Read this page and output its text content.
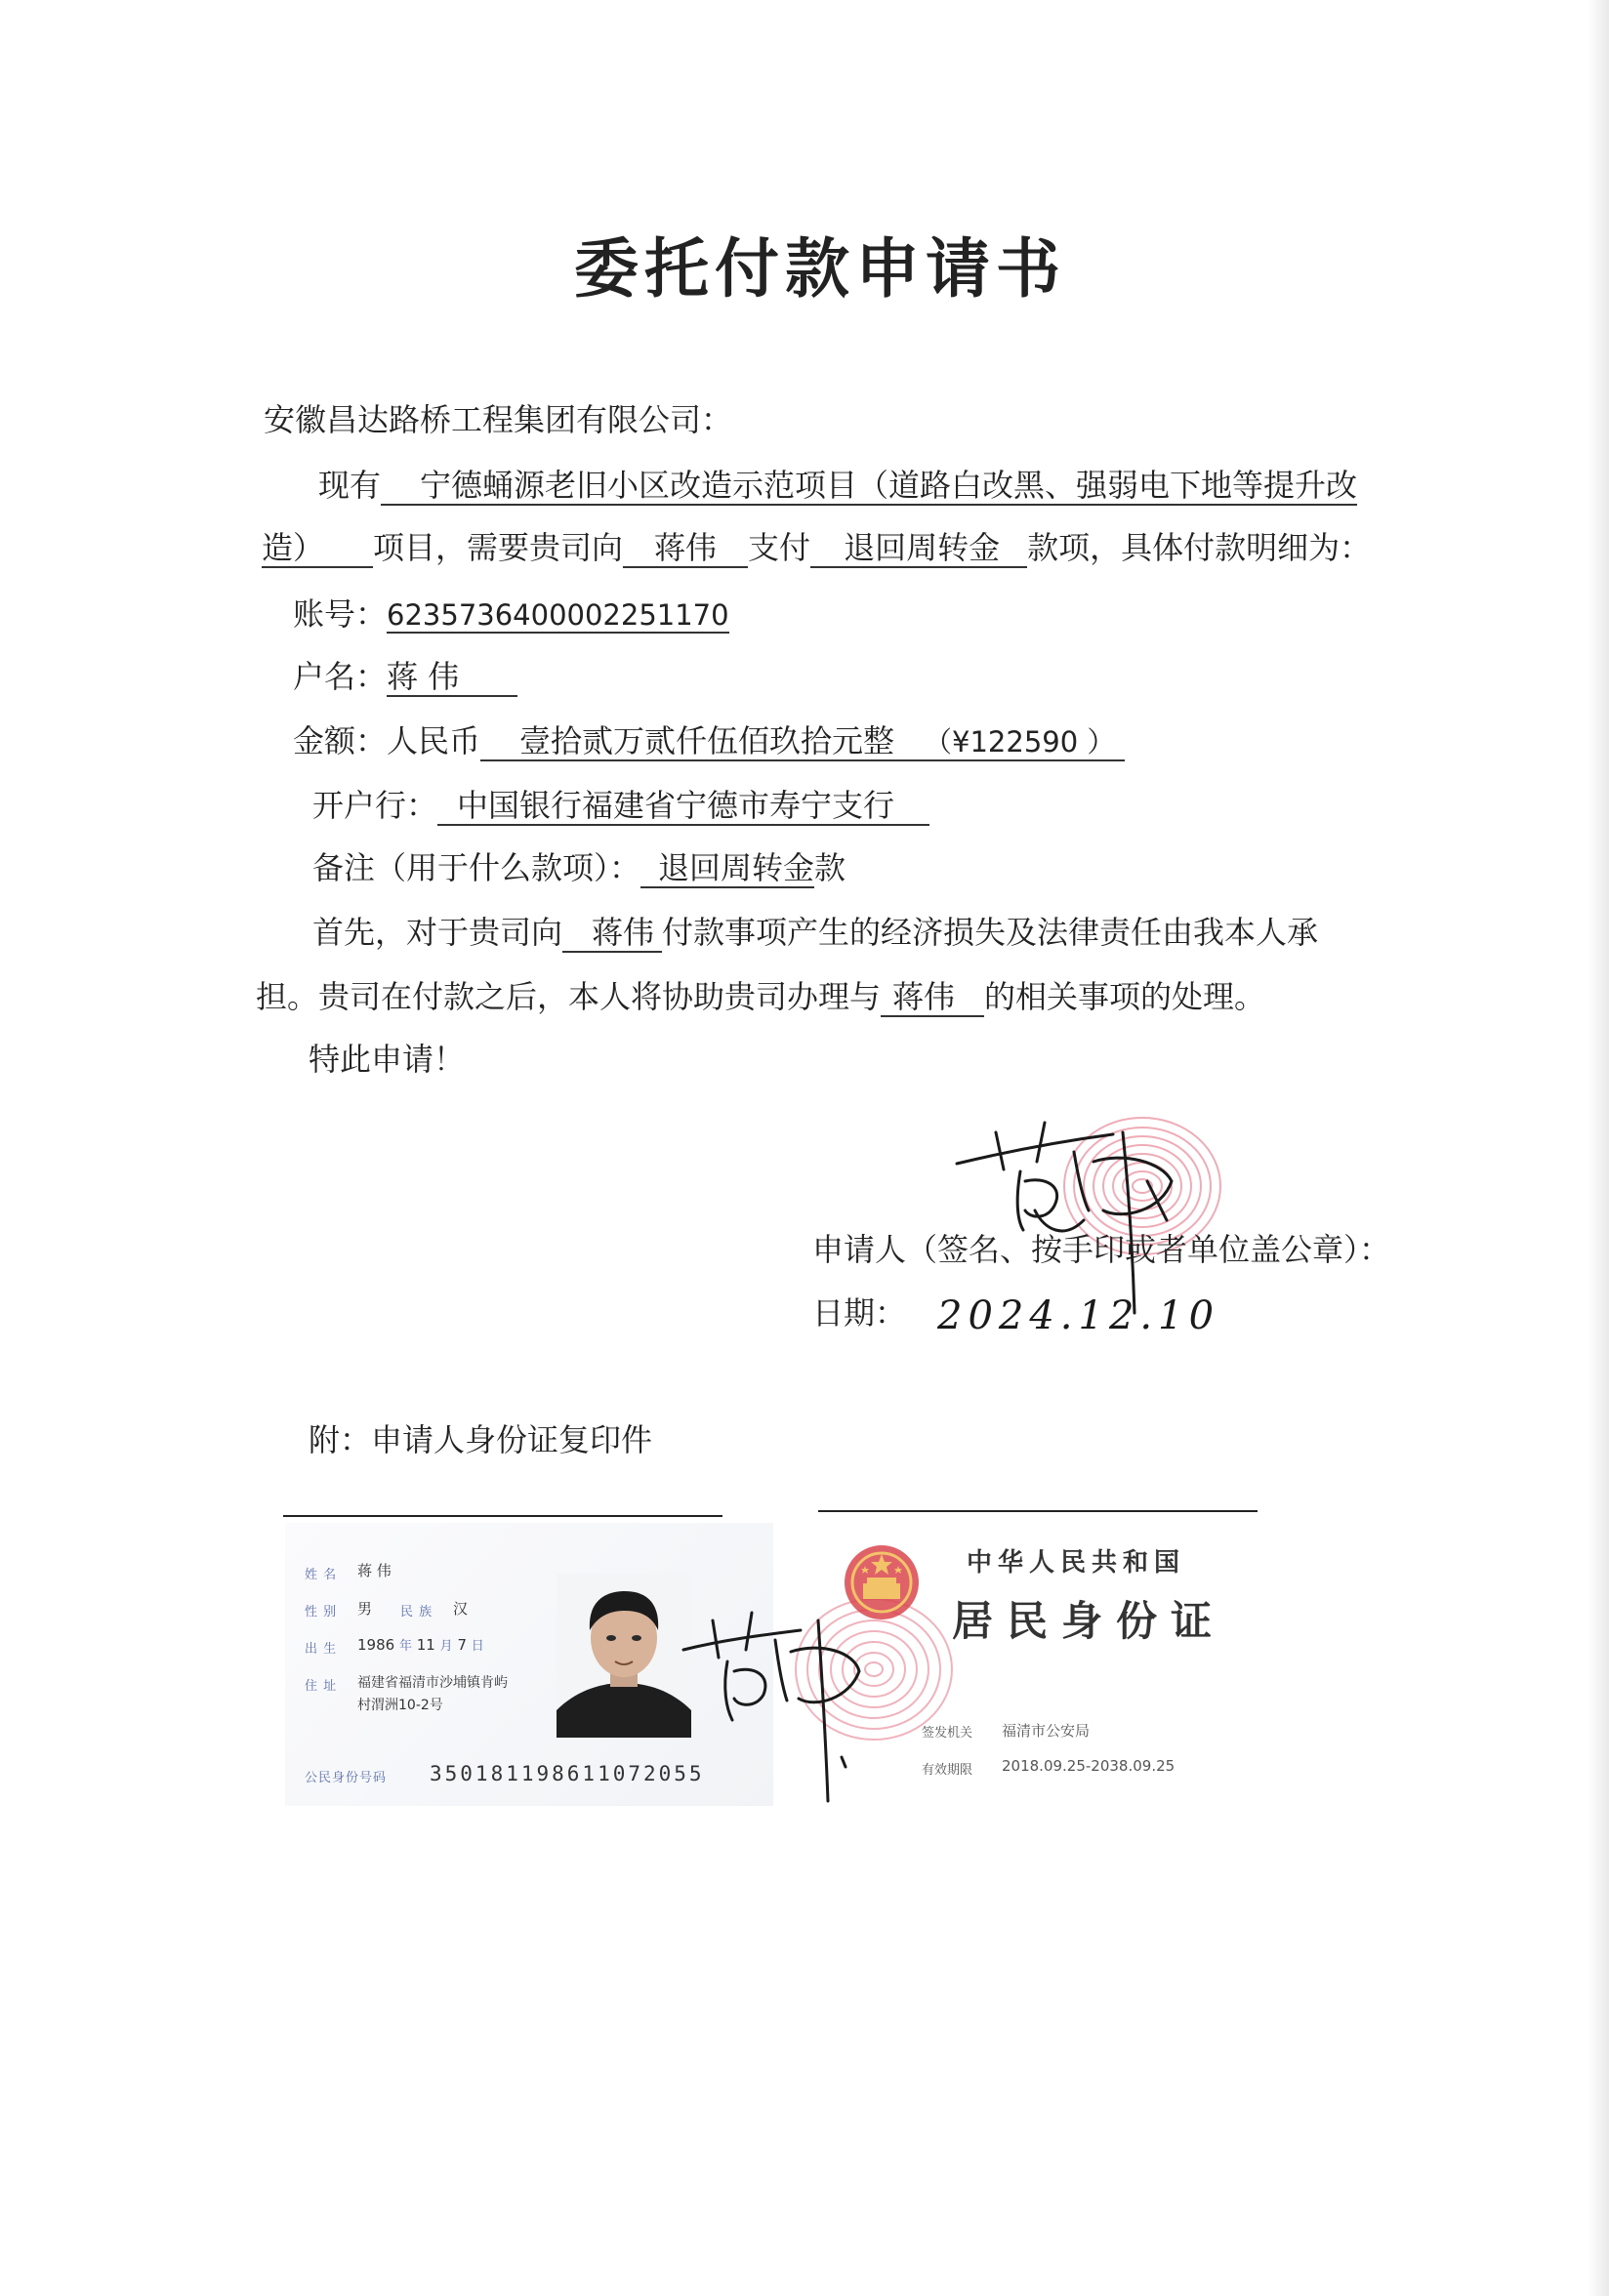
委托付款申请书
安徽昌达路桥工程集团有限公司：
现有 宁德蛹源老旧小区改造示范项目（道路白改黑、强弱电下地等提升改
造） 项目，需要贵司向 蒋伟 支付 退回周转金 款项，具体付款明细为：
账号：6235736400002251170
户名：蒋 伟
金额：人民币 壹拾贰万贰仟伍佰玖拾元整 （¥122590 ）
开户行： 中国银行福建省宁德市寿宁支行
备注（用于什么款项）： 退回周转金款
首先，对于贵司向 蒋伟 付款事项产生的经济损失及法律责任由我本人承
担。贵司在付款之后，本人将协助贵司办理与 蒋伟 的相关事项的处理。
特此申请！
申请人（签名、按手印或者单位盖公章）：
日期： 2024.12.10
附：申请人身份证复印件
姓 名 蒋 伟
性 别 男 民 族 汉
出 生 1986 年 11 月 7 日
住 址 福建省福清市沙埔镇肯屿
村渭洲10-2号
公民身份号码 350181198611072055
中华人民共和国
居民身份证
签发机关 福清市公安局
有效期限 2018.09.25-2038.09.25
